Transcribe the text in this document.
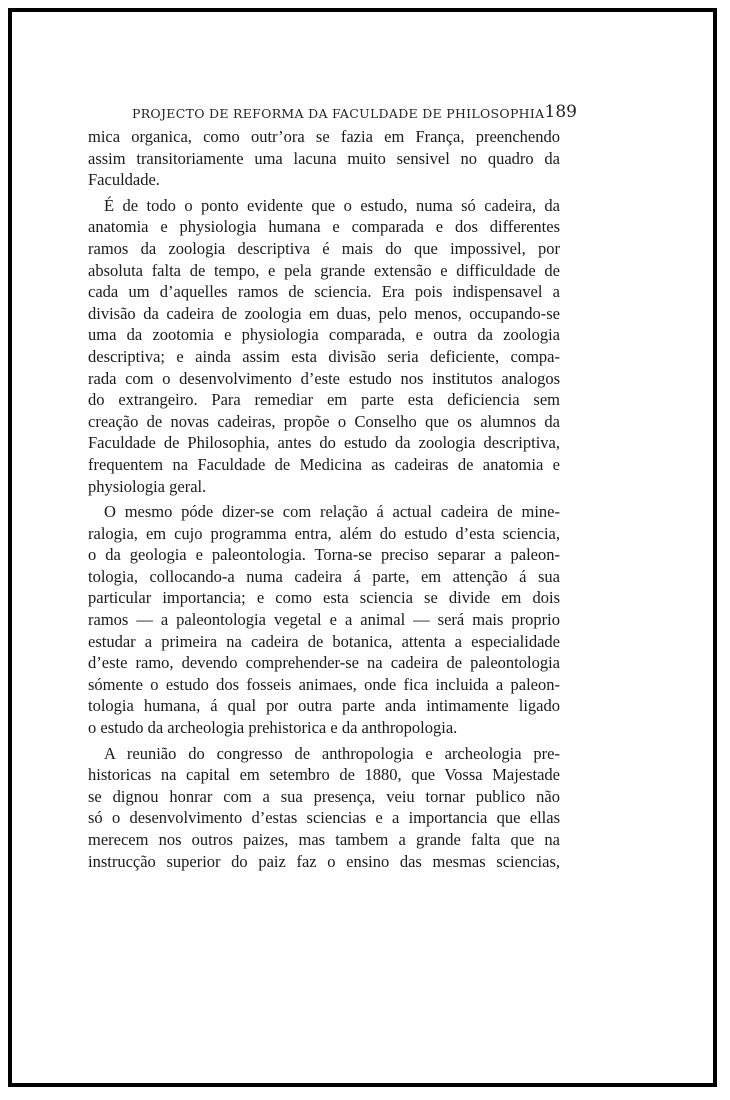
PROJECTO DE REFORMA DA FACULDADE DE PHILOSOPHIA 189
mica organica, como outr’ora se fazia em França, preenchendo
assim transitoriamente uma lacuna muito sensivel no quadro da
Faculdade.
É de todo o ponto evidente que o estudo, numa só cadeira, da
anatomia e physiologia humana e comparada e dos differentes
ramos da zoologia descriptiva é mais do que impossivel, por
absoluta falta de tempo, e pela grande extensão e difficuldade de
cada um d’aquelles ramos de sciencia. Era pois indispensavel a
divisão da cadeira de zoologia em duas, pelo menos, occupando-se
uma da zootomia e physiologia comparada, e outra da zoologia
descriptiva; e ainda assim esta divisão seria deficiente, compa-
rada com o desenvolvimento d’este estudo nos institutos analogos
do extrangeiro. Para remediar em parte esta deficiencia sem
creação de novas cadeiras, propõe o Conselho que os alumnos da
Faculdade de Philosophia, antes do estudo da zoologia descriptiva,
frequentem na Faculdade de Medicina as cadeiras de anatomia e
physiologia geral.
O mesmo póde dizer-se com relação á actual cadeira de mine-
ralogia, em cujo programma entra, além do estudo d’esta sciencia,
o da geologia e paleontologia. Torna-se preciso separar a paleon-
tologia, collocando-a numa cadeira á parte, em attenção á sua
particular importancia; e como esta sciencia se divide em dois
ramos — a paleontologia vegetal e a animal — será mais proprio
estudar a primeira na cadeira de botanica, attenta a especialidade
d’este ramo, devendo comprehender-se na cadeira de paleontologia
sómente o estudo dos fosseis animaes, onde fica incluida a paleon-
tologia humana, á qual por outra parte anda intimamente ligado
o estudo da archeologia prehistorica e da anthropologia.
A reunião do congresso de anthropologia e archeologia pre-
historicas na capital em setembro de 1880, que Vossa Majestade
se dignou honrar com a sua presença, veiu tornar publico não
só o desenvolvimento d’estas sciencias e a importancia que ellas
merecem nos outros paizes, mas tambem a grande falta que na
instrucção superior do paiz faz o ensino das mesmas sciencias,
